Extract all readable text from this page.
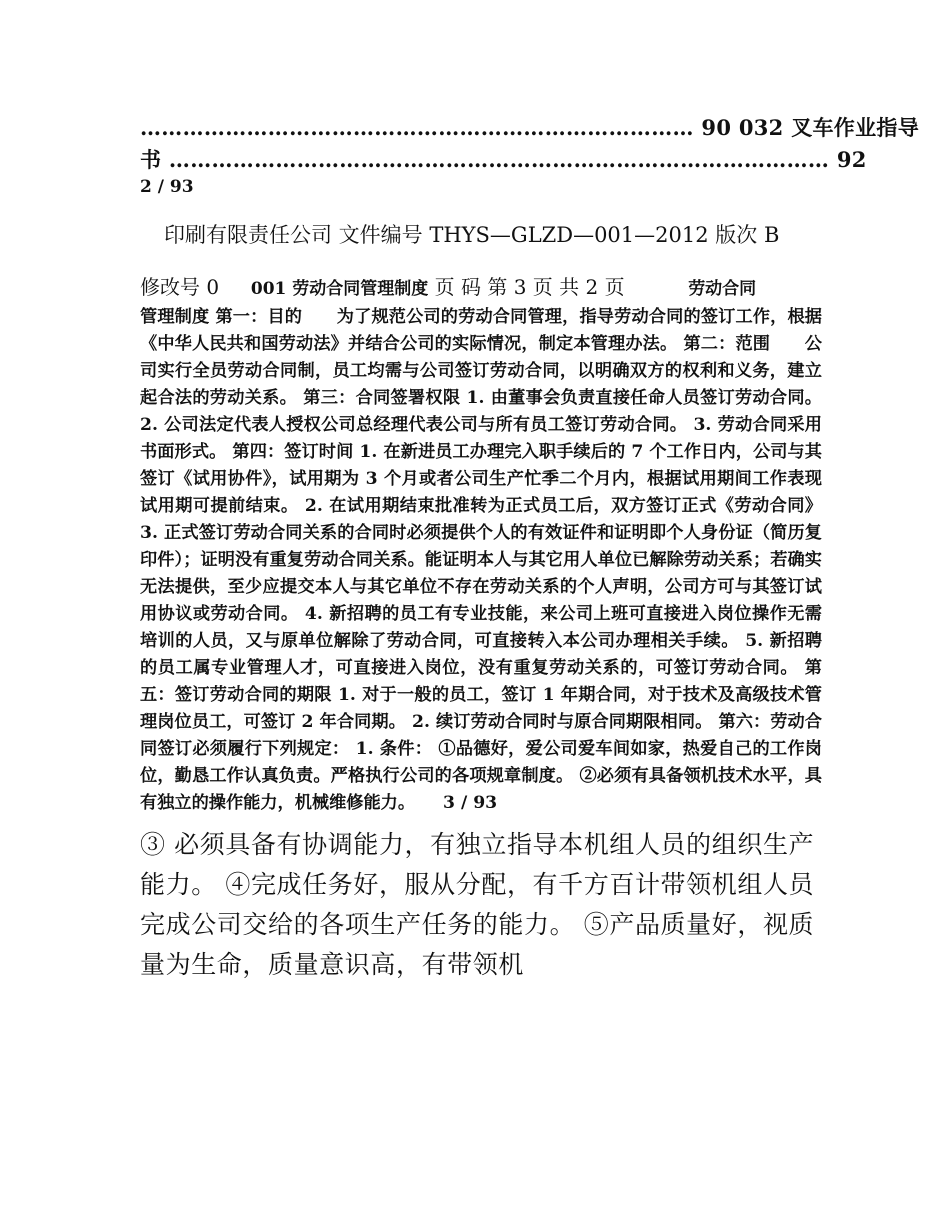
…………………………………………………………………… 90 032 叉车作业指导
书 ………………………………………………………………………………… 92
2 / 93
印刷有限责任公司 文件编号 THYS—GLZD—001—2012 版次 B
修改号 0 001 劳动合同管理制度 页 码 第 3 页 共 2 页	劳动合同
管理制度 第一：目的　　为了规范公司的劳动合同管理，指导劳动合同的签订工作，根据《中华人民共和国劳动法》并结合公司的实际情况，制定本管理办法。 第二：范围　　公司实行全员劳动合同制，员工均需与公司签订劳动合同，以明确双方的权利和义务，建立起合法的劳动关系。 第三：合同签署权限 1. 由董事会负责直接任命人员签订劳动合同。 2. 公司法定代表人授权公司总经理代表公司与所有员工签订劳动合同。 3. 劳动合同采用书面形式。 第四：签订时间 1. 在新进员工办理完入职手续后的 7 个工作日内，公司与其签订《试用协件》，试用期为 3 个月或者公司生产忙季二个月内，根据试用期间工作表现试用期可提前结束。 2. 在试用期结束批准转为正式员工后，双方签订正式《劳动合同》 3. 正式签订劳动合同关系的合同时必须提供个人的有效证件和证明即个人身份证（简历复印件）；证明没有重复劳动合同关系。能证明本人与其它用人单位已解除劳动关系；若确实无法提供，至少应提交本人与其它单位不存在劳动关系的个人声明，公司方可与其签订试用协议或劳动合同。 4. 新招聘的员工有专业技能，来公司上班可直接进入岗位操作无需培训的人员，又与原单位解除了劳动合同，可直接转入本公司办理相关手续。 5. 新招聘的员工属专业管理人才，可直接进入岗位，没有重复劳动关系的，可签订劳动合同。 第五：签订劳动合同的期限 1. 对于一般的员工，签订 1 年期合同，对于技术及高级技术管理岗位员工，可签订 2 年合同期。 2. 续订劳动合同时与原合同期限相同。 第六：劳动合同签订必须履行下列规定： 1. 条件： ①品德好，爱公司爱车间如家，热爱自己的工作岗位，勤恳工作认真负责。严格执行公司的各项规章制度。 ②必须有具备领机技术水平，具有独立的操作能力，机械维修能力。 3 / 93
③ 必须具备有协调能力，有独立指导本机组人员的组织生产能力。 ④完成任务好，服从分配，有千方百计带领机组人员完成公司交给的各项生产任务的能力。 ⑤产品质量好，视质量为生命，质量意识高，有带领机
